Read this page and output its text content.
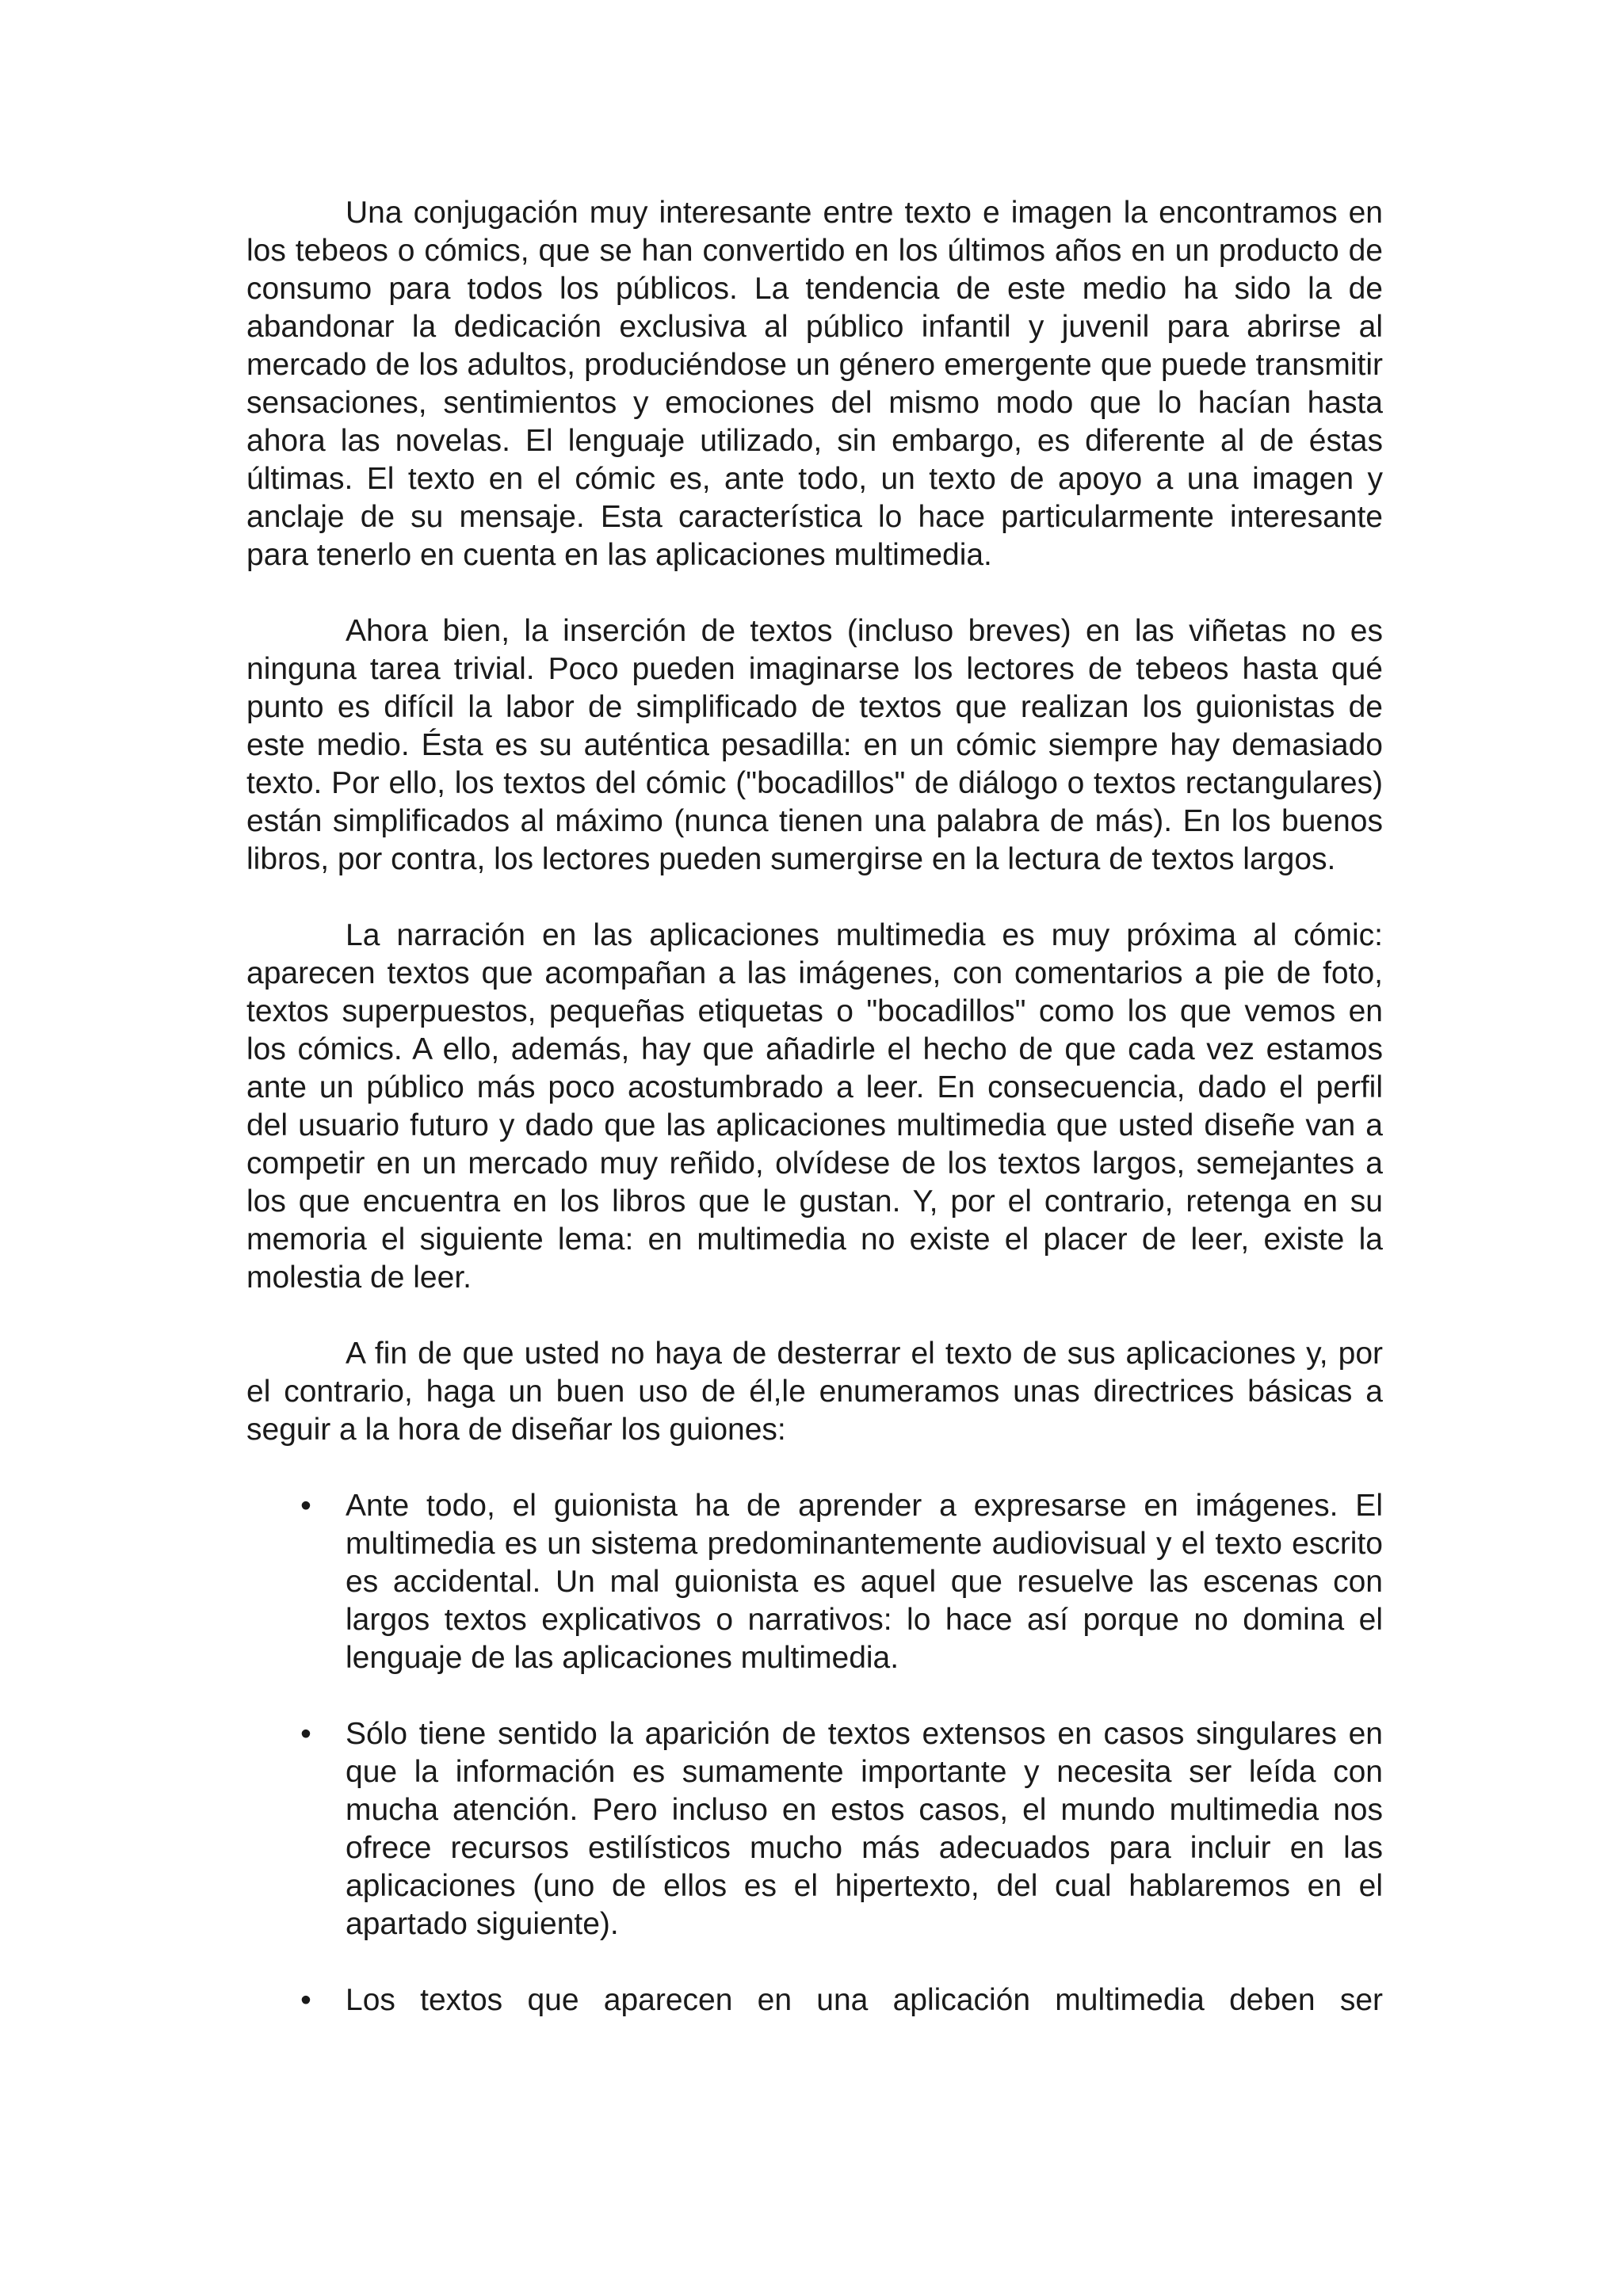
Una conjugación muy interesante entre texto e imagen la encontramos en los tebeos o cómics, que se han convertido en los últimos años en un producto de consumo para todos los públicos. La tendencia de este medio ha sido la de abandonar la dedicación exclusiva al público infantil y juvenil para abrirse al mercado de los adultos, produciéndose un género emergente que puede transmitir sensaciones, sentimientos y emociones del mismo modo que lo hacían hasta ahora las novelas. El lenguaje utilizado, sin embargo, es diferente al de éstas últimas. El texto en el cómic es, ante todo, un texto de apoyo a una imagen y anclaje de su mensaje. Esta característica lo hace particularmente interesante para tenerlo en cuenta en las aplicaciones multimedia.

Ahora bien, la inserción de textos (incluso breves) en las viñetas no es ninguna tarea trivial. Poco pueden imaginarse los lectores de tebeos hasta qué punto es difícil la labor de simplificado de textos que realizan los guionistas de este medio. Ésta es su auténtica pesadilla: en un cómic siempre hay demasiado texto. Por ello, los textos del cómic ("bocadillos" de diálogo o textos rectangulares) están simplificados al máximo (nunca tienen una palabra de más). En los buenos libros, por contra, los lectores pueden sumergirse en la lectura de textos largos.

La narración en las aplicaciones multimedia es muy próxima al cómic: aparecen textos que acompañan a las imágenes, con comentarios a pie de foto, textos superpuestos, pequeñas etiquetas o "bocadillos" como los que vemos en los cómics. A ello, además, hay que añadirle el hecho de que cada vez estamos ante un público más poco acostumbrado a leer. En consecuencia, dado el perfil del usuario futuro y dado que las aplicaciones multimedia que usted diseñe van a competir en un mercado muy reñido, olvídese de los textos largos, semejantes a los que encuentra en los libros que le gustan. Y, por el contrario, retenga en su memoria el siguiente lema: en multimedia no existe el placer de leer, existe la molestia de leer.

A fin de que usted no haya de desterrar el texto de sus aplicaciones y, por el contrario, haga un buen uso de él,le enumeramos unas directrices básicas a seguir a la hora de diseñar los guiones:

• Ante todo, el guionista ha de aprender a expresarse en imágenes. El multimedia es un sistema predominantemente audiovisual y el texto escrito es accidental. Un mal guionista es aquel que resuelve las escenas con largos textos explicativos o narrativos: lo hace así porque no domina el lenguaje de las aplicaciones multimedia.
• Sólo tiene sentido la aparición de textos extensos en casos singulares en que la información es sumamente importante y necesita ser leída con mucha atención. Pero incluso en estos casos, el mundo multimedia nos ofrece recursos estilísticos mucho más adecuados para incluir en las aplicaciones (uno de ellos es el hipertexto, del cual hablaremos en el apartado siguiente).
• Los textos que aparecen en una aplicación multimedia deben ser
